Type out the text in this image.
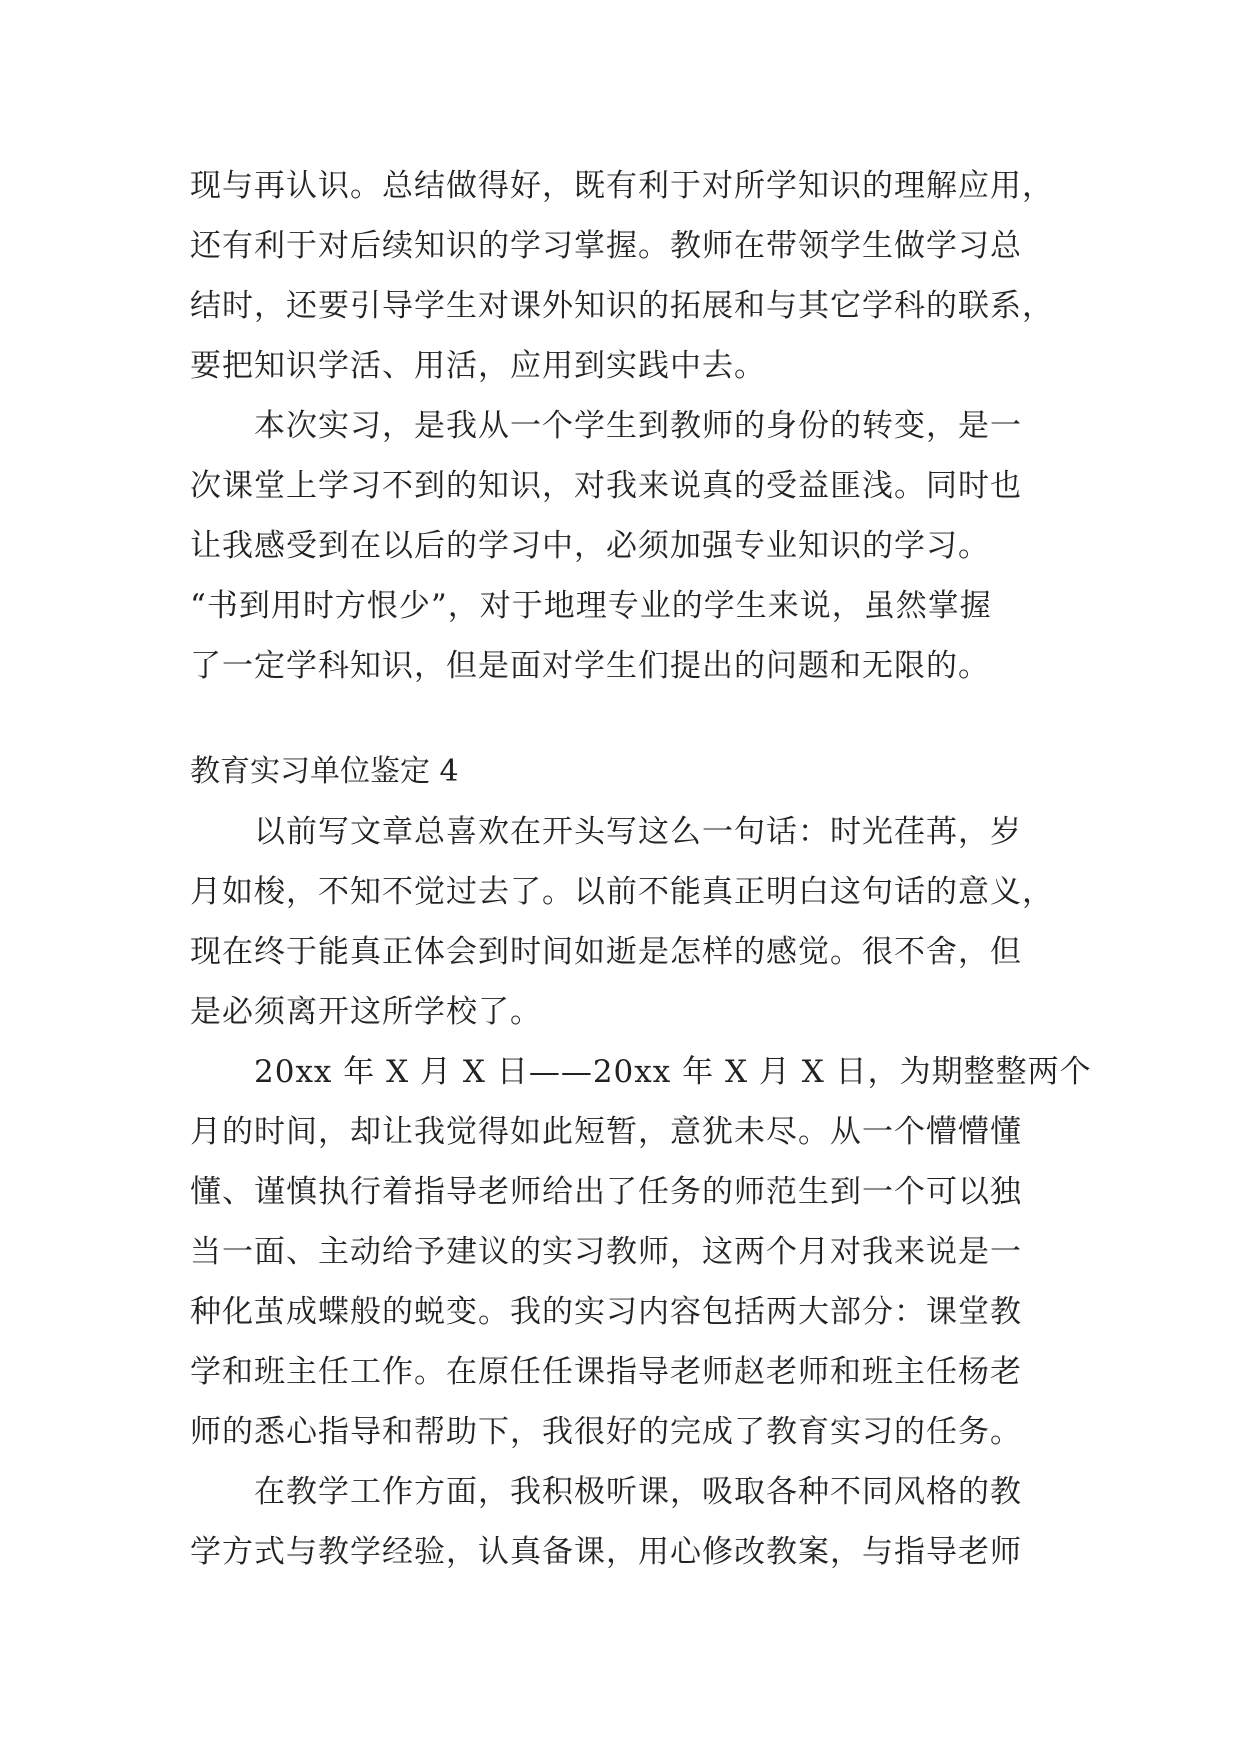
现与再认识。总结做得好，既有利于对所学知识的理解应用，
还有利于对后续知识的学习掌握。教师在带领学生做学习总
结时，还要引导学生对课外知识的拓展和与其它学科的联系，
要把知识学活、用活，应用到实践中去。
本次实习，是我从一个学生到教师的身份的转变，是一
次课堂上学习不到的知识，对我来说真的受益匪浅。同时也
让我感受到在以后的学习中，必须加强专业知识的学习。
“书到用时方恨少”，对于地理专业的学生来说，虽然掌握
了一定学科知识，但是面对学生们提出的问题和无限的。
教育实习单位鉴定 4
以前写文章总喜欢在开头写这么一句话：时光荏苒，岁
月如梭，不知不觉过去了。以前不能真正明白这句话的意义，
现在终于能真正体会到时间如逝是怎样的感觉。很不舍，但
是必须离开这所学校了。
20xx 年 X 月 X 日——20xx 年 X 月 X 日，为期整整两个
月的时间，却让我觉得如此短暂，意犹未尽。从一个懵懵懂
懂、谨慎执行着指导老师给出了任务的师范生到一个可以独
当一面、主动给予建议的实习教师，这两个月对我来说是一
种化茧成蝶般的蜕变。我的实习内容包括两大部分：课堂教
学和班主任工作。在原任任课指导老师赵老师和班主任杨老
师的悉心指导和帮助下，我很好的完成了教育实习的任务。
在教学工作方面，我积极听课，吸取各种不同风格的教
学方式与教学经验，认真备课，用心修改教案，与指导老师
